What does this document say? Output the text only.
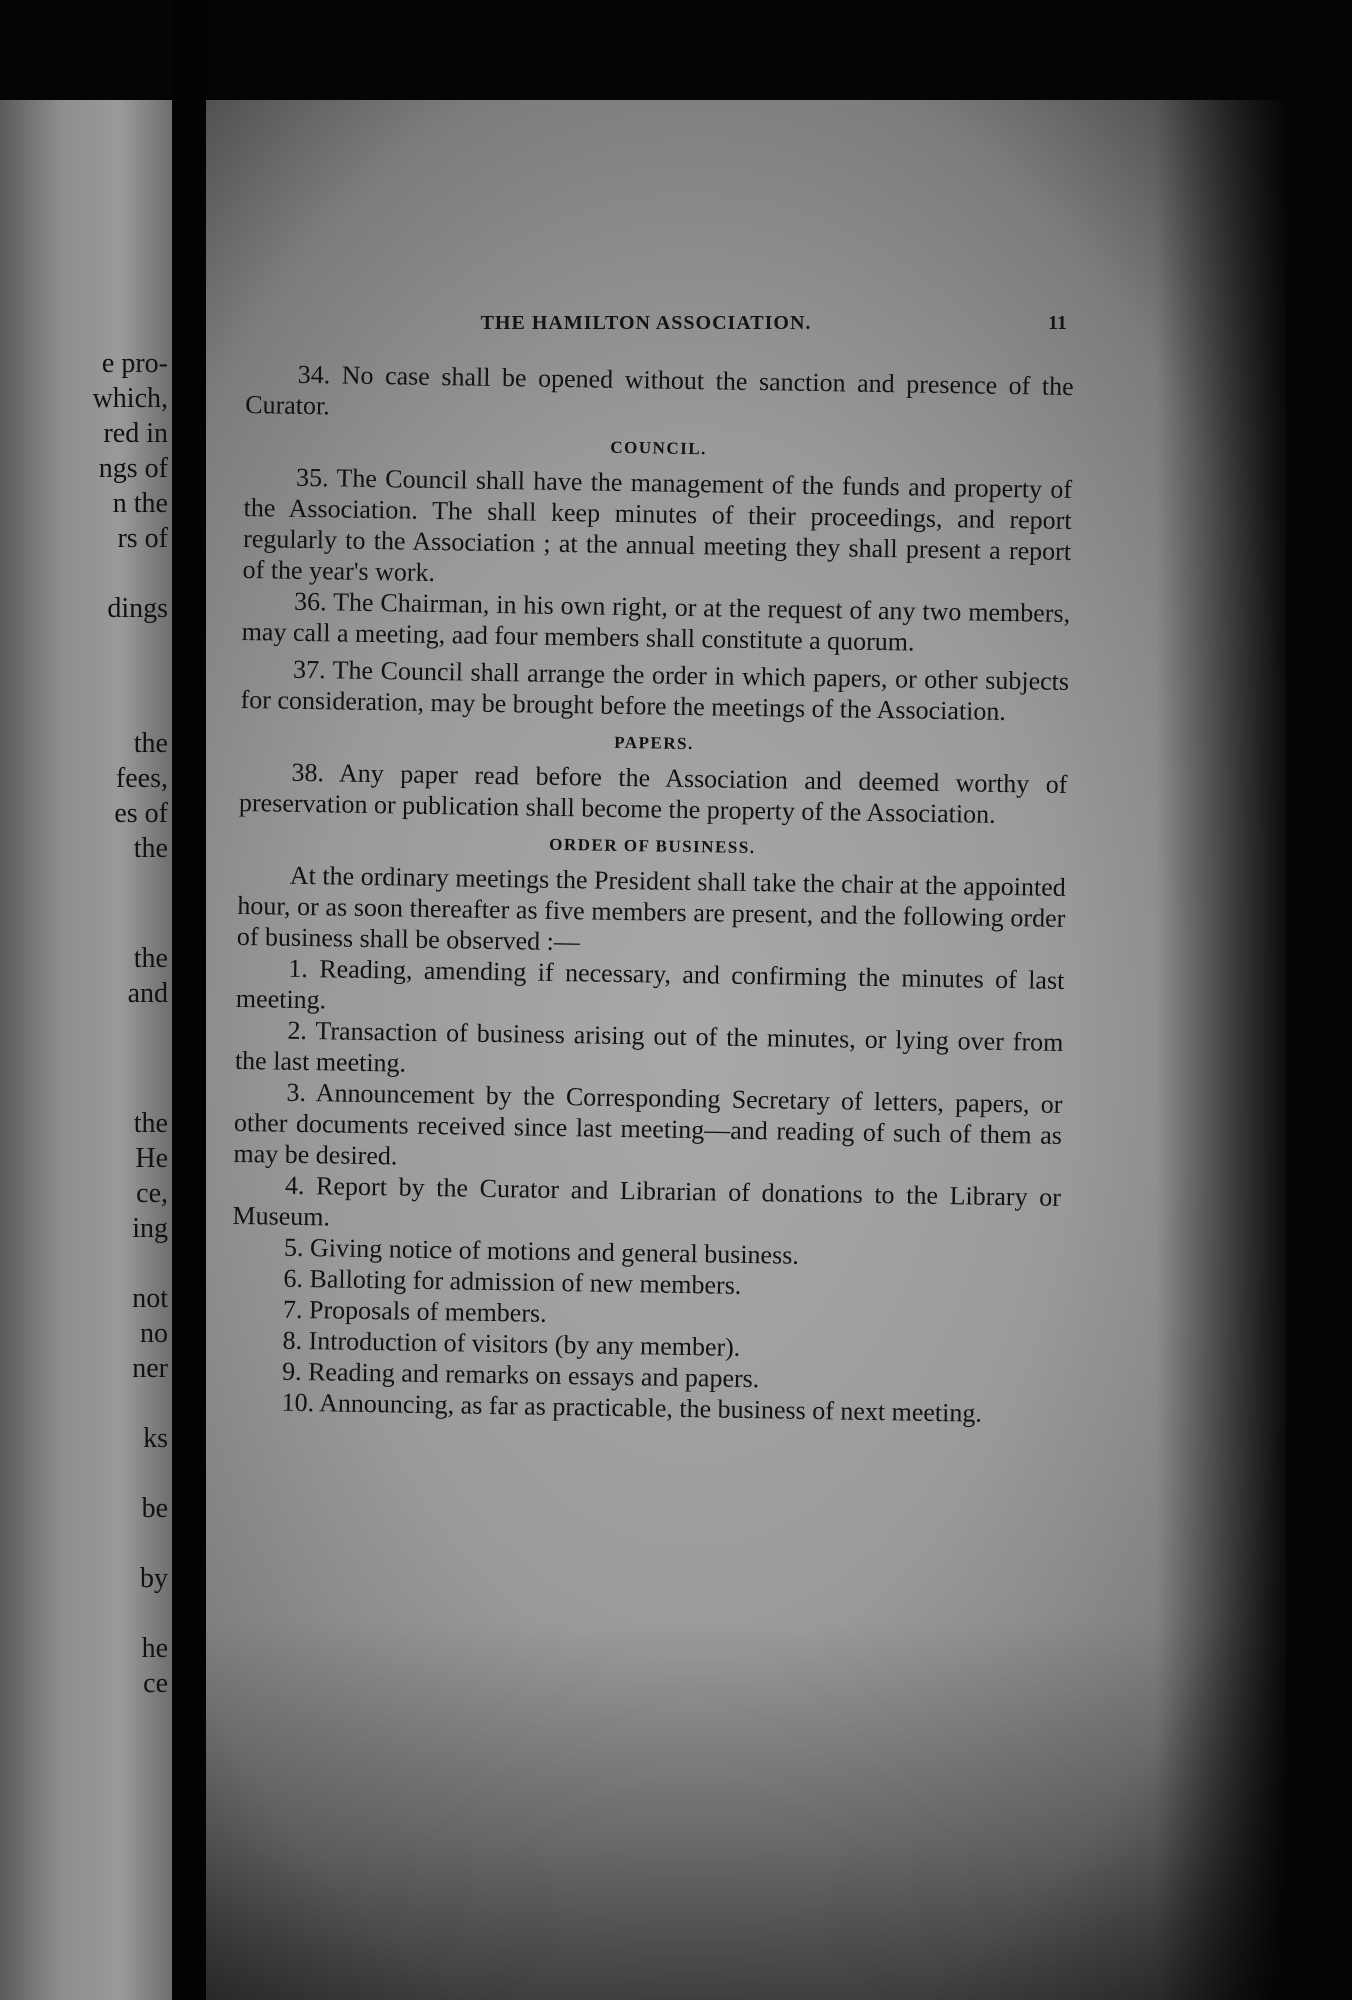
e pro-
which,
red in
ngs of
n the
rs of
dings
the
fees,
es of
the
the
and
the
He
ce,
ing
not
no
ner
ks
be
by
he
ce
THE HAMILTON ASSOCIATION.	11

34. No case shall be opened without the sanction and presence of the Curator.

COUNCIL.

35. The Council shall have the management of the funds and property of the Association. The shall keep minutes of their proceedings, and report regularly to the Association ; at the annual meeting they shall present a report of the year's work.

36. The Chairman, in his own right, or at the request of any two members, may call a meeting, aad four members shall constitute a quorum.

37. The Council shall arrange the order in which papers, or other subjects for consideration, may be brought before the meetings of the Association.

PAPERS.

38. Any paper read before the Association and deemed worthy of preservation or publication shall become the property of the Association.

ORDER OF BUSINESS.

At the ordinary meetings the President shall take the chair at the appointed hour, or as soon thereafter as five members are present, and the following order of business shall be observed :—

1. Reading, amending if necessary, and confirming the minutes of last meeting.

2. Transaction of business arising out of the minutes, or lying over from the last meeting.

3. Announcement by the Corresponding Secretary of letters, papers, or other documents received since last meeting—and reading of such of them as may be desired.

4. Report by the Curator and Librarian of donations to the Library or Museum.

5. Giving notice of motions and general business.

6. Balloting for admission of new members.

7. Proposals of members.

8. Introduction of visitors (by any member).

9. Reading and remarks on essays and papers.

10. Announcing, as far as practicable, the business of next meeting.
